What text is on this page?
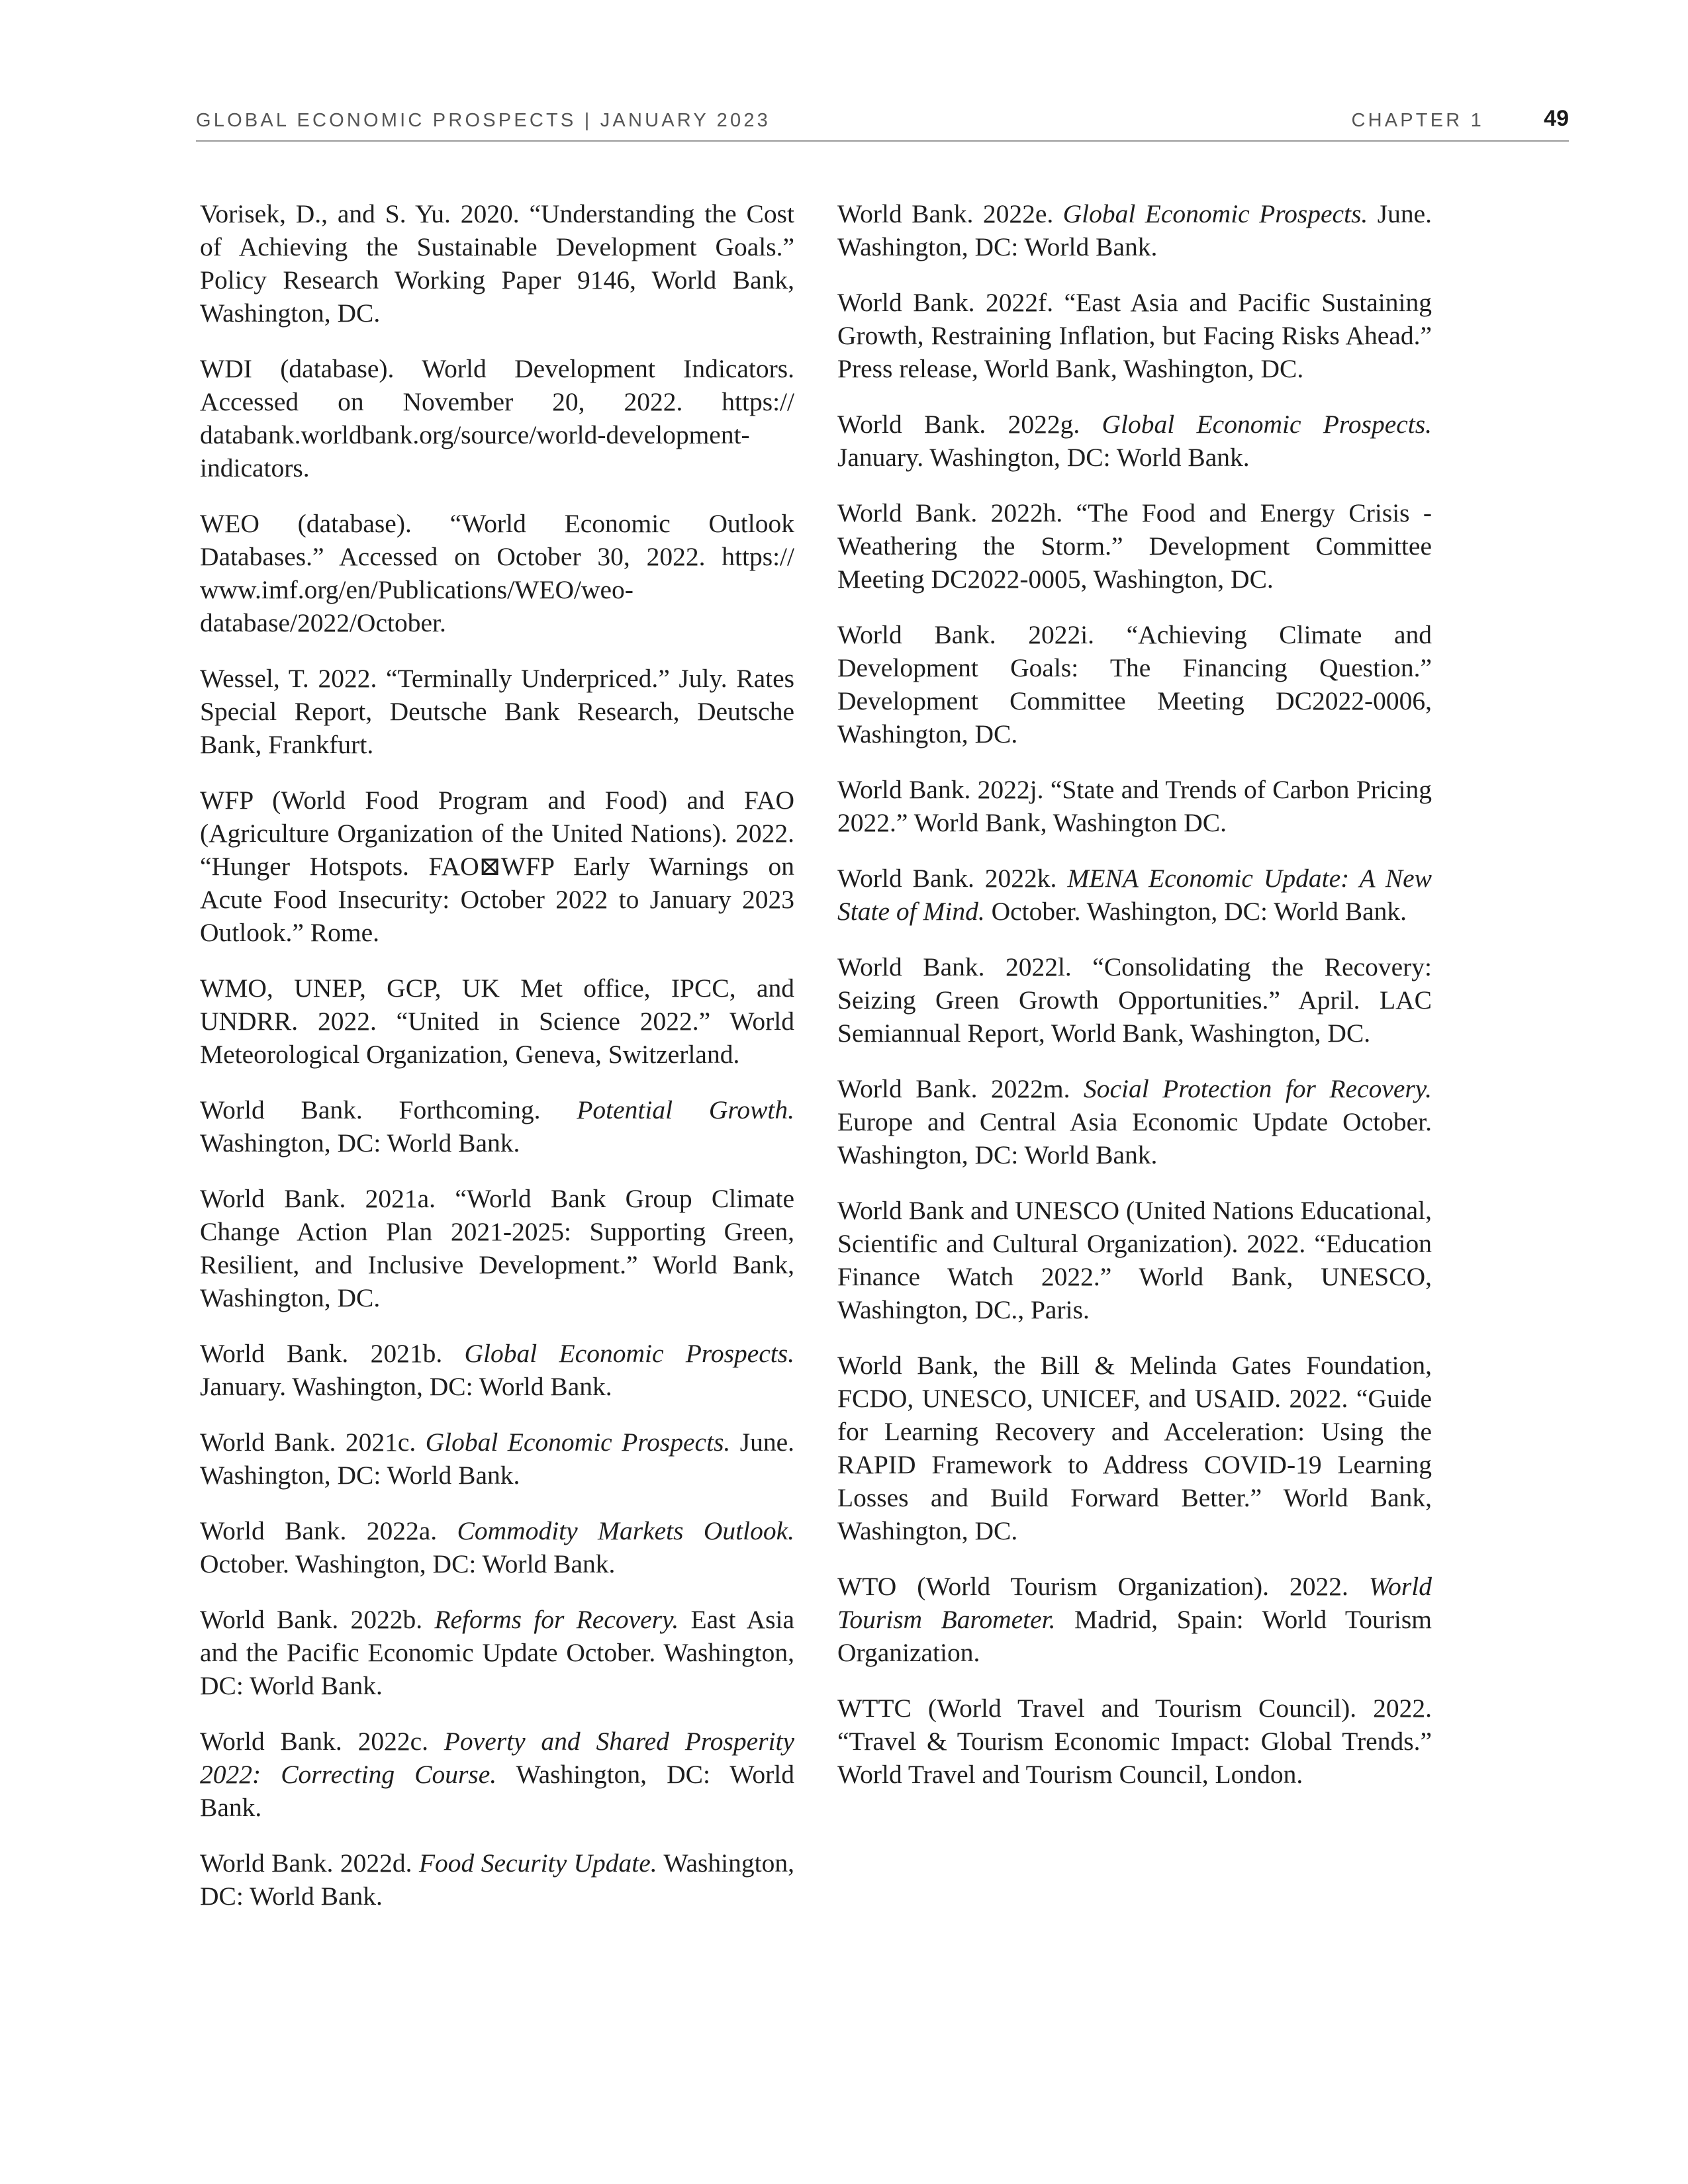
GLOBAL ECONOMIC PROSPECTS | JANUARY 2023	CHAPTER 1	49

Vorisek, D., and S. Yu. 2020. “Understanding the Cost of Achieving the Sustainable Development Goals.” Policy Research Working Paper 9146, World Bank, Washington, DC.

WDI (database). World Development Indicators. Accessed on November 20, 2022. https:// databank.worldbank.org/source/world-development-indicators.

WEO (database). “World Economic Outlook Databases.” Accessed on October 30, 2022. https:// www.imf.org/en/Publications/WEO/weo-database/2022/October.

Wessel, T. 2022. “Terminally Underpriced.” July. Rates Special Report, Deutsche Bank Research, Deutsche Bank, Frankfurt.

WFP (World Food Program and Food) and FAO (Agriculture Organization of the United Nations). 2022. “Hunger Hotspots. FAO⊠WFP Early Warnings on Acute Food Insecurity: October 2022 to January 2023 Outlook.” Rome.

WMO, UNEP, GCP, UK Met office, IPCC, and UNDRR. 2022. “United in Science 2022.” World Meteorological Organization, Geneva, Switzerland.

World Bank. Forthcoming. Potential Growth. Washington, DC: World Bank.

World Bank. 2021a. “World Bank Group Climate Change Action Plan 2021-2025: Supporting Green, Resilient, and Inclusive Development.” World Bank, Washington, DC.

World Bank. 2021b. Global Economic Prospects. January. Washington, DC: World Bank.

World Bank. 2021c. Global Economic Prospects. June. Washington, DC: World Bank.

World Bank. 2022a. Commodity Markets Outlook. October. Washington, DC: World Bank.

World Bank. 2022b. Reforms for Recovery. East Asia and the Pacific Economic Update October. Washington, DC: World Bank.

World Bank. 2022c. Poverty and Shared Prosperity 2022: Correcting Course. Washington, DC: World Bank.

World Bank. 2022d. Food Security Update. Washington, DC: World Bank.

World Bank. 2022e. Global Economic Prospects. June. Washington, DC: World Bank.

World Bank. 2022f. “East Asia and Pacific Sustaining Growth, Restraining Inflation, but Facing Risks Ahead.” Press release, World Bank, Washington, DC.

World Bank. 2022g. Global Economic Prospects. January. Washington, DC: World Bank.

World Bank. 2022h. “The Food and Energy Crisis - Weathering the Storm.” Development Committee Meeting DC2022-0005, Washington, DC.

World Bank. 2022i. “Achieving Climate and Development Goals: The Financing Question.” Development Committee Meeting DC2022-0006, Washington, DC.

World Bank. 2022j. “State and Trends of Carbon Pricing 2022.” World Bank, Washington DC.

World Bank. 2022k. MENA Economic Update: A New State of Mind. October. Washington, DC: World Bank.

World Bank. 2022l. “Consolidating the Recovery: Seizing Green Growth Opportunities.” April. LAC Semiannual Report, World Bank, Washington, DC.

World Bank. 2022m. Social Protection for Recovery. Europe and Central Asia Economic Update October. Washington, DC: World Bank.

World Bank and UNESCO (United Nations Educational, Scientific and Cultural Organization). 2022. “Education Finance Watch 2022.” World Bank, UNESCO, Washington, DC., Paris.

World Bank, the Bill & Melinda Gates Foundation, FCDO, UNESCO, UNICEF, and USAID. 2022. “Guide for Learning Recovery and Acceleration: Using the RAPID Framework to Address COVID-19 Learning Losses and Build Forward Better.” World Bank, Washington, DC.

WTO (World Tourism Organization). 2022. World Tourism Barometer. Madrid, Spain: World Tourism Organization.

WTTC (World Travel and Tourism Council). 2022. “Travel & Tourism Economic Impact: Global Trends.” World Travel and Tourism Council, London.
